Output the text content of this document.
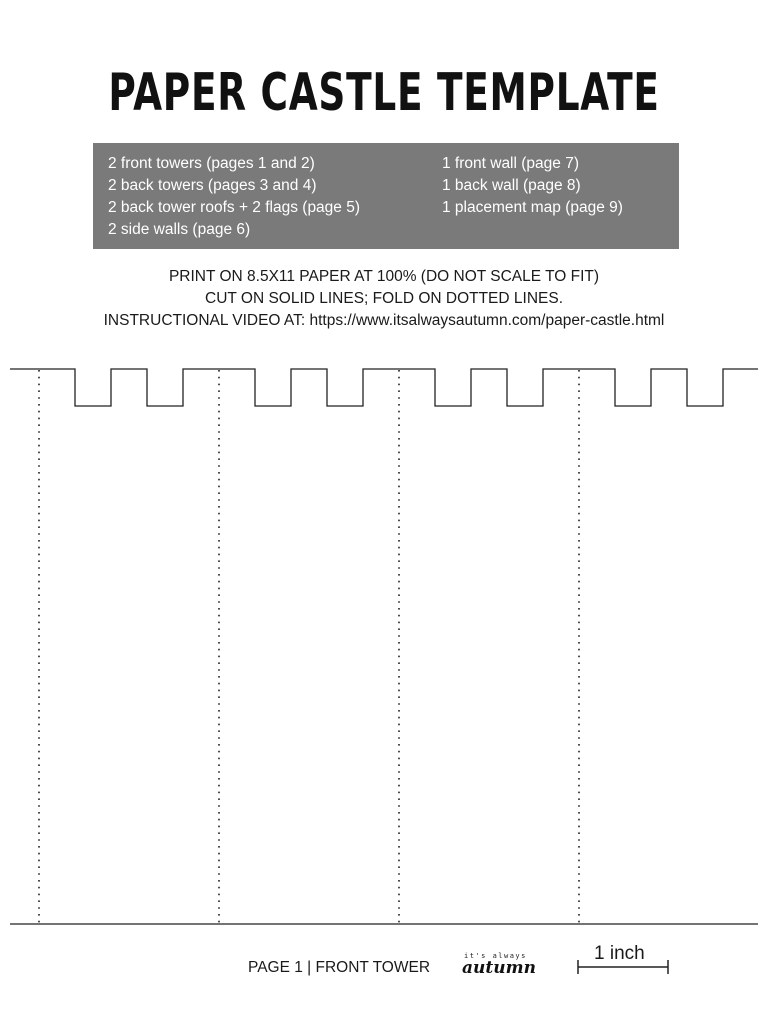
PAPER CASTLE TEMPLATE
2 front towers (pages 1 and 2)
2 back towers (pages 3 and 4)
2 back tower roofs + 2 flags (page 5)
2 side walls (page 6)
1 front wall (page 7)
1 back wall (page 8)
1 placement map (page 9)
PRINT ON 8.5X11 PAPER AT 100% (DO NOT SCALE TO FIT)
CUT ON SOLID LINES; FOLD ON DOTTED LINES.
INSTRUCTIONAL VIDEO AT: https://www.itsalwaysautumn.com/paper-castle.html
PAGE 1 | FRONT TOWER
it's always
autumn
1 inch
